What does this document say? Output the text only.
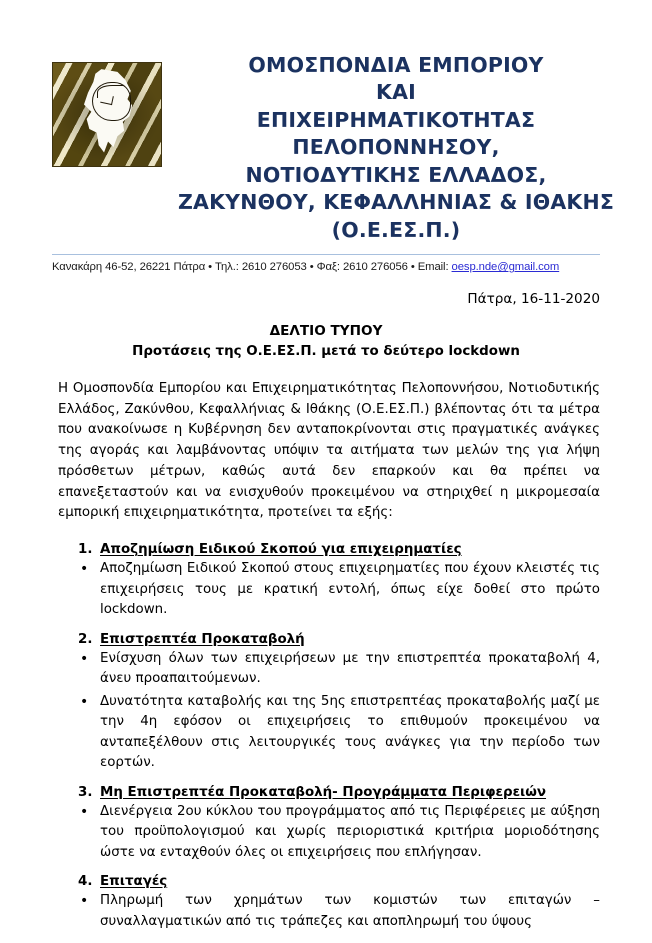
ΟΜΟΣΠΟΝΔΙΑ ΕΜΠΟΡΙΟΥ
ΚΑΙ
ΕΠΙΧΕΙΡΗΜΑΤΙΚΟΤΗΤΑΣ
ΠΕΛΟΠΟΝΝΗΣΟΥ,
ΝΟΤΙΟΔΥΤΙΚΗΣ ΕΛΛΑΔΟΣ,
ΖΑΚΥΝΘΟΥ, ΚΕΦΑΛΛΗΝΙΑΣ & ΙΘΑΚΗΣ
(Ο.Ε.ΕΣ.Π.)
Κανακάρη 46-52, 26221 Πάτρα • Τηλ.: 2610 276053 • Φαξ: 2610 276056 • Email: oesp.nde@gmail.com
Πάτρα, 16-11-2020
ΔΕΛΤΙΟ ΤΥΠΟΥ
Προτάσεις της Ο.Ε.ΕΣ.Π. μετά το δεύτερο lockdown

Η Ομοσπονδία Εμπορίου και Επιχειρηματικότητας Πελοποννήσου, Νοτιοδυτικής Ελλάδος, Ζακύνθου, Κεφαλλήνιας & Ιθάκης (Ο.Ε.ΕΣ.Π.) βλέποντας ότι τα μέτρα που ανακοίνωσε η Κυβέρνηση δεν ανταποκρίνονται στις πραγματικές ανάγκες της αγοράς και λαμβάνοντας υπόψιν τα αιτήματα των μελών της για λήψη πρόσθετων μέτρων, καθώς αυτά δεν επαρκούν και θα πρέπει να επανεξεταστούν και να ενισχυθούν προκειμένου να στηριχθεί η μικρομεσαία εμπορική επιχειρηματικότητα, προτείνει τα εξής:

1. Αποζημίωση Ειδικού Σκοπού για επιχειρηματίες
• Αποζημίωση Ειδικού Σκοπού στους επιχειρηματίες που έχουν κλειστές τις επιχειρήσεις τους με κρατική εντολή, όπως είχε δοθεί στο πρώτο lockdown.
2. Επιστρεπτέα Προκαταβολή
• Ενίσχυση όλων των επιχειρήσεων με την επιστρεπτέα προκαταβολή 4, άνευ προαπαιτούμενων.
• Δυνατότητα καταβολής και της 5ης επιστρεπτέας προκαταβολής μαζί με την 4η εφόσον οι επιχειρήσεις το επιθυμούν προκειμένου να ανταπεξέλθουν στις λειτουργικές τους ανάγκες για την περίοδο των εορτών.
3. Μη Επιστρεπτέα Προκαταβολή- Προγράμματα Περιφερειών
• Διενέργεια 2ου κύκλου του προγράμματος από τις Περιφέρειες με αύξηση του προϋπολογισμού και χωρίς περιοριστικά κριτήρια μοριοδότησης ώστε να ενταχθούν όλες οι επιχειρήσεις που επλήγησαν.
4. Επιταγές
• Πληρωμή των χρημάτων των κομιστών των επιταγών – συναλλαγματικών από τις τράπεζες και αποπληρωμή του ύψους
